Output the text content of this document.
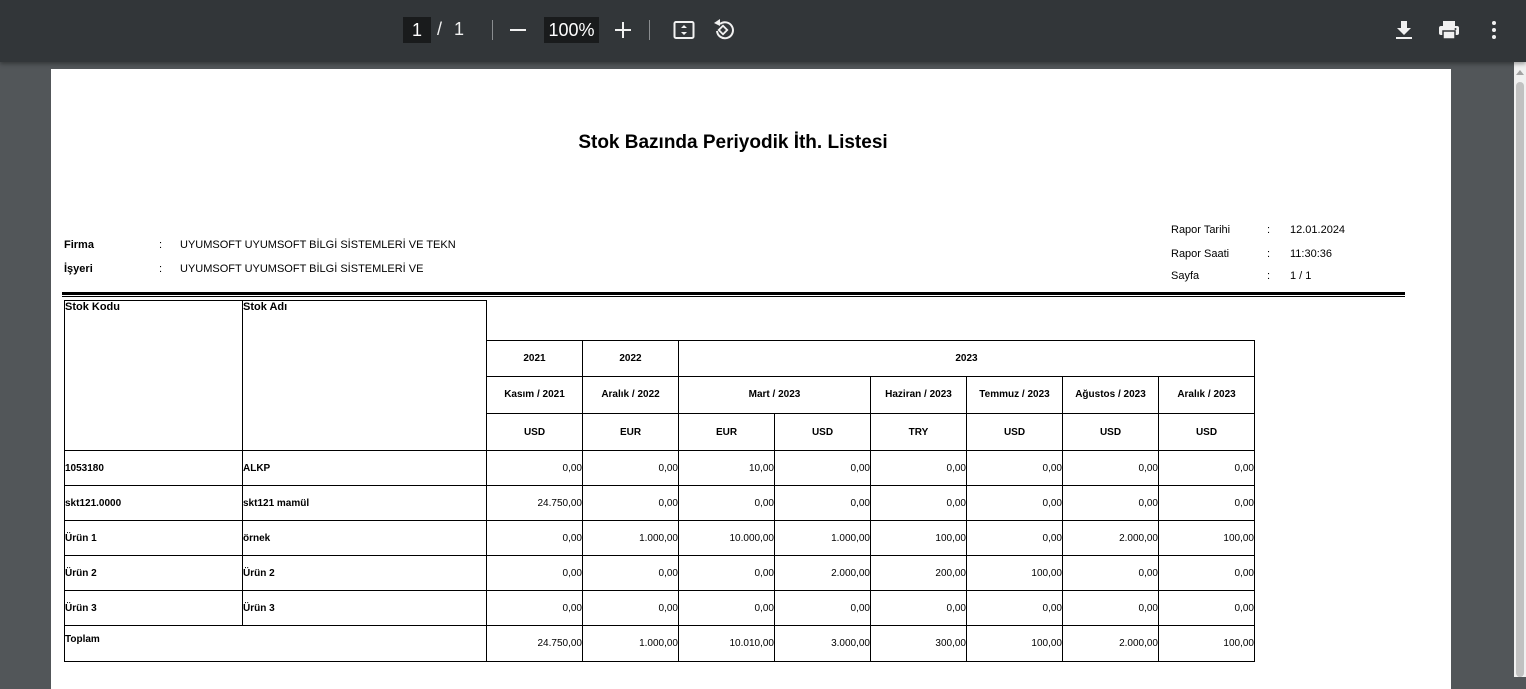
1 / 1	100%
Stok Bazında Periyodik İth. Listesi
Firma	: UYUMSOFT UYUMSOFT BİLGİ SİSTEMLERİ VE TEKN
İşyeri	: UYUMSOFT UYUMSOFT BİLGİ SİSTEMLERİ VE
Rapor Tarihi	: 12.01.2024
Rapor Saati	: 11:30:36
Sayfa	: 1 / 1
Stok Kodu	Stok Adı								
		2021	2022	2023					

		Kasım / 2021	Aralık / 2022	Mart / 2023		Haziran / 2023	Temmuz / 2023	Ağustos / 2023	Aralık / 2023

		USD	EUR	EUR	USD	TRY	USD	USD	USD
1053180	ALKP	0,00	0,00	10,00	0,00	0,00	0,00	0,00	0,00
skt121.0000	skt121 mamül	24.750,00	0,00	0,00	0,00	0,00	0,00	0,00	0,00
Ürün 1	örnek	0,00	1.000,00	10.000,00	1.000,00	100,00	0,00	2.000,00	100,00
Ürün 2	Ürün 2	0,00	0,00	0,00	2.000,00	200,00	100,00	0,00	0,00
Ürün 3	Ürün 3	0,00	0,00	0,00	0,00	0,00	0,00	0,00	0,00
Toplam		24.750,00	1.000,00	10.010,00	3.000,00	300,00	100,00	2.000,00	100,00
